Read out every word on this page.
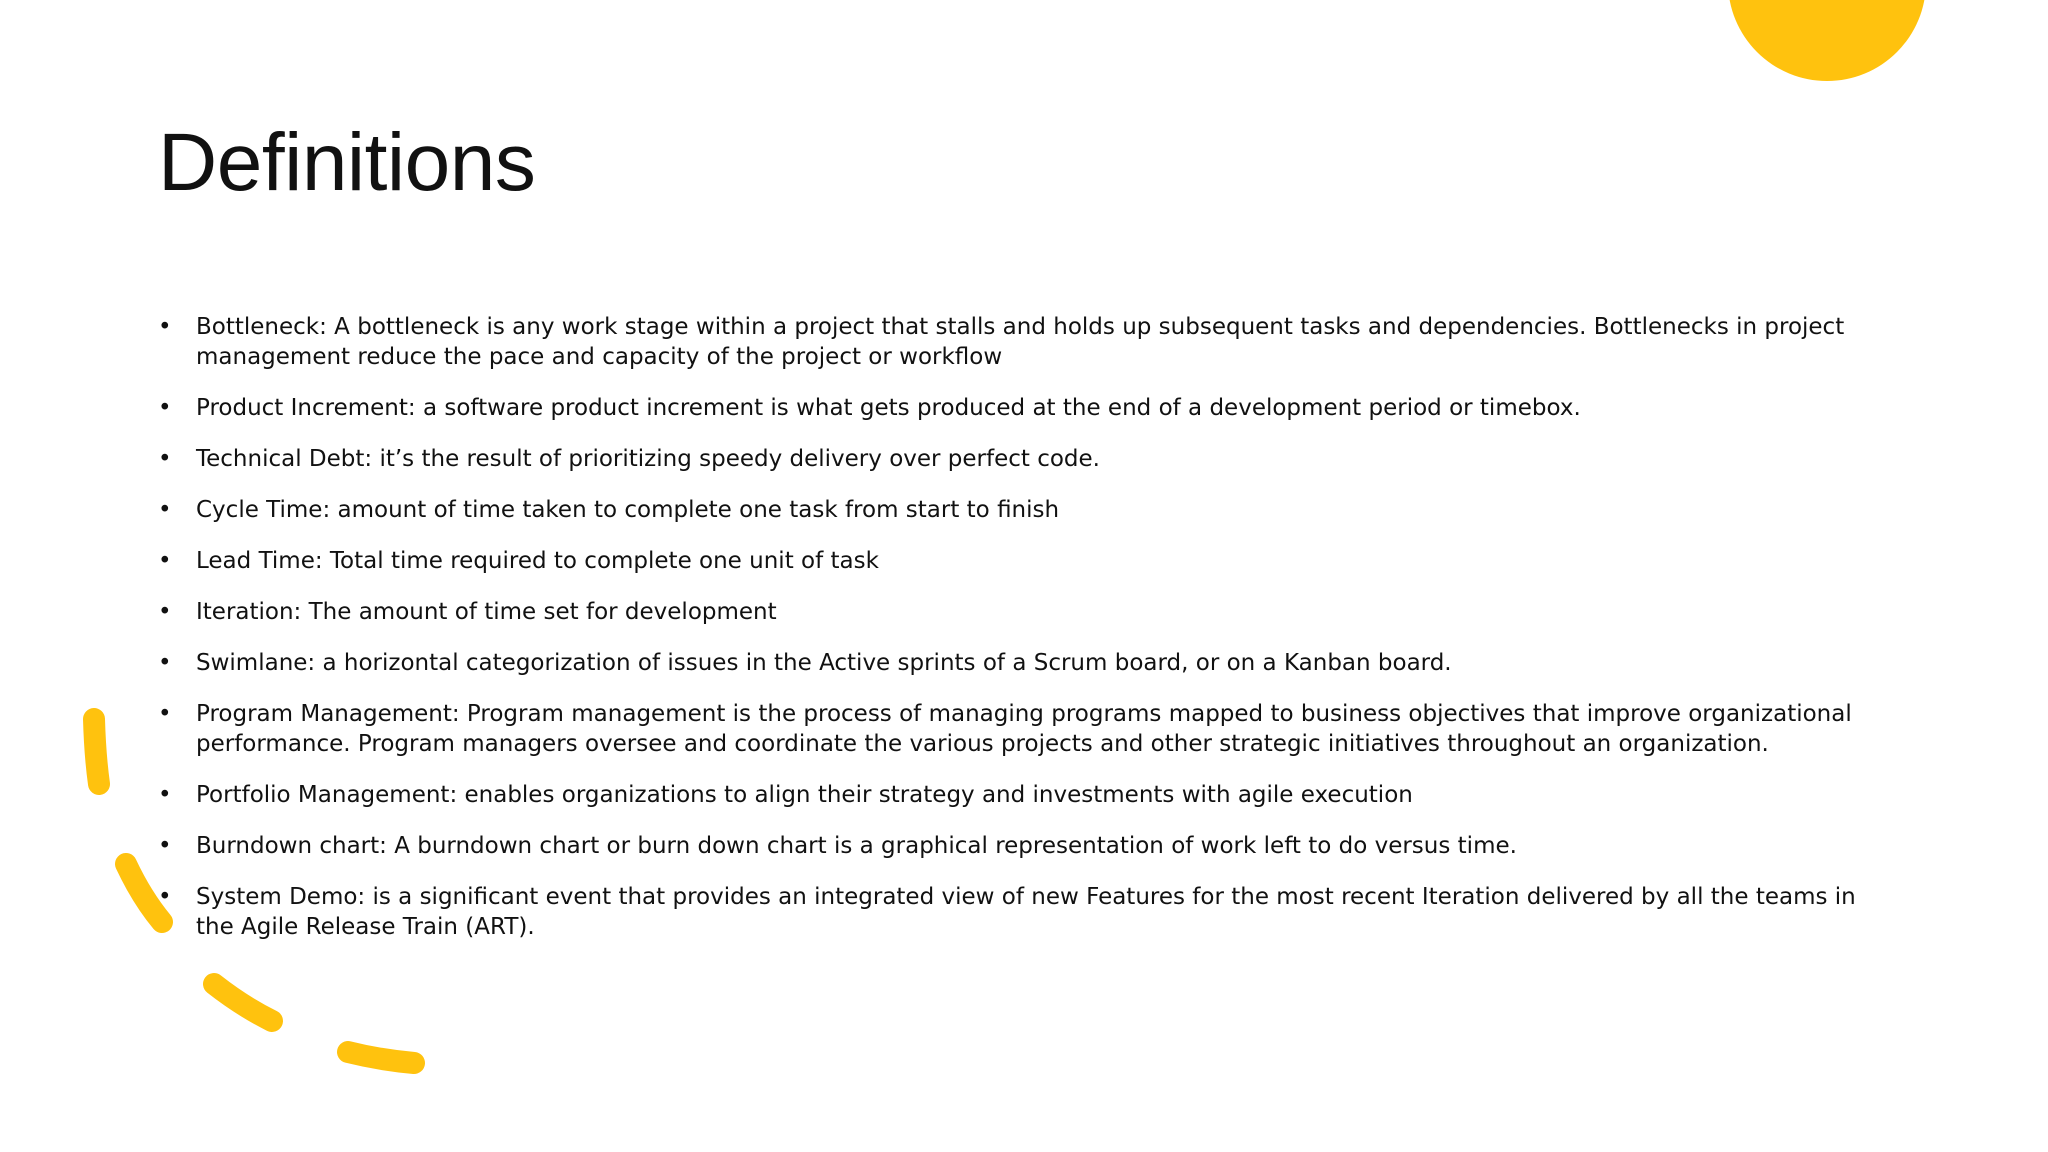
Definitions
• Bottleneck: A bottleneck is any work stage within a project that stalls and holds up subsequent tasks and dependencies. Bottlenecks in project management reduce the pace and capacity of the project or workflow
• Product Increment: a software product increment is what gets produced at the end of a development period or timebox.
• Technical Debt: it’s the result of prioritizing speedy delivery over perfect code.
• Cycle Time: amount of time taken to complete one task from start to finish
• Lead Time: Total time required to complete one unit of task
• Iteration: The amount of time set for development
• Swimlane: a horizontal categorization of issues in the Active sprints of a Scrum board, or on a Kanban board.
• Program Management: Program management is the process of managing programs mapped to business objectives that improve organizational performance. Program managers oversee and coordinate the various projects and other strategic initiatives throughout an organization.
• Portfolio Management: enables organizations to align their strategy and investments with agile execution
• Burndown chart: A burndown chart or burn down chart is a graphical representation of work left to do versus time.
• System Demo: is a significant event that provides an integrated view of new Features for the most recent Iteration delivered by all the teams in the Agile Release Train (ART).
